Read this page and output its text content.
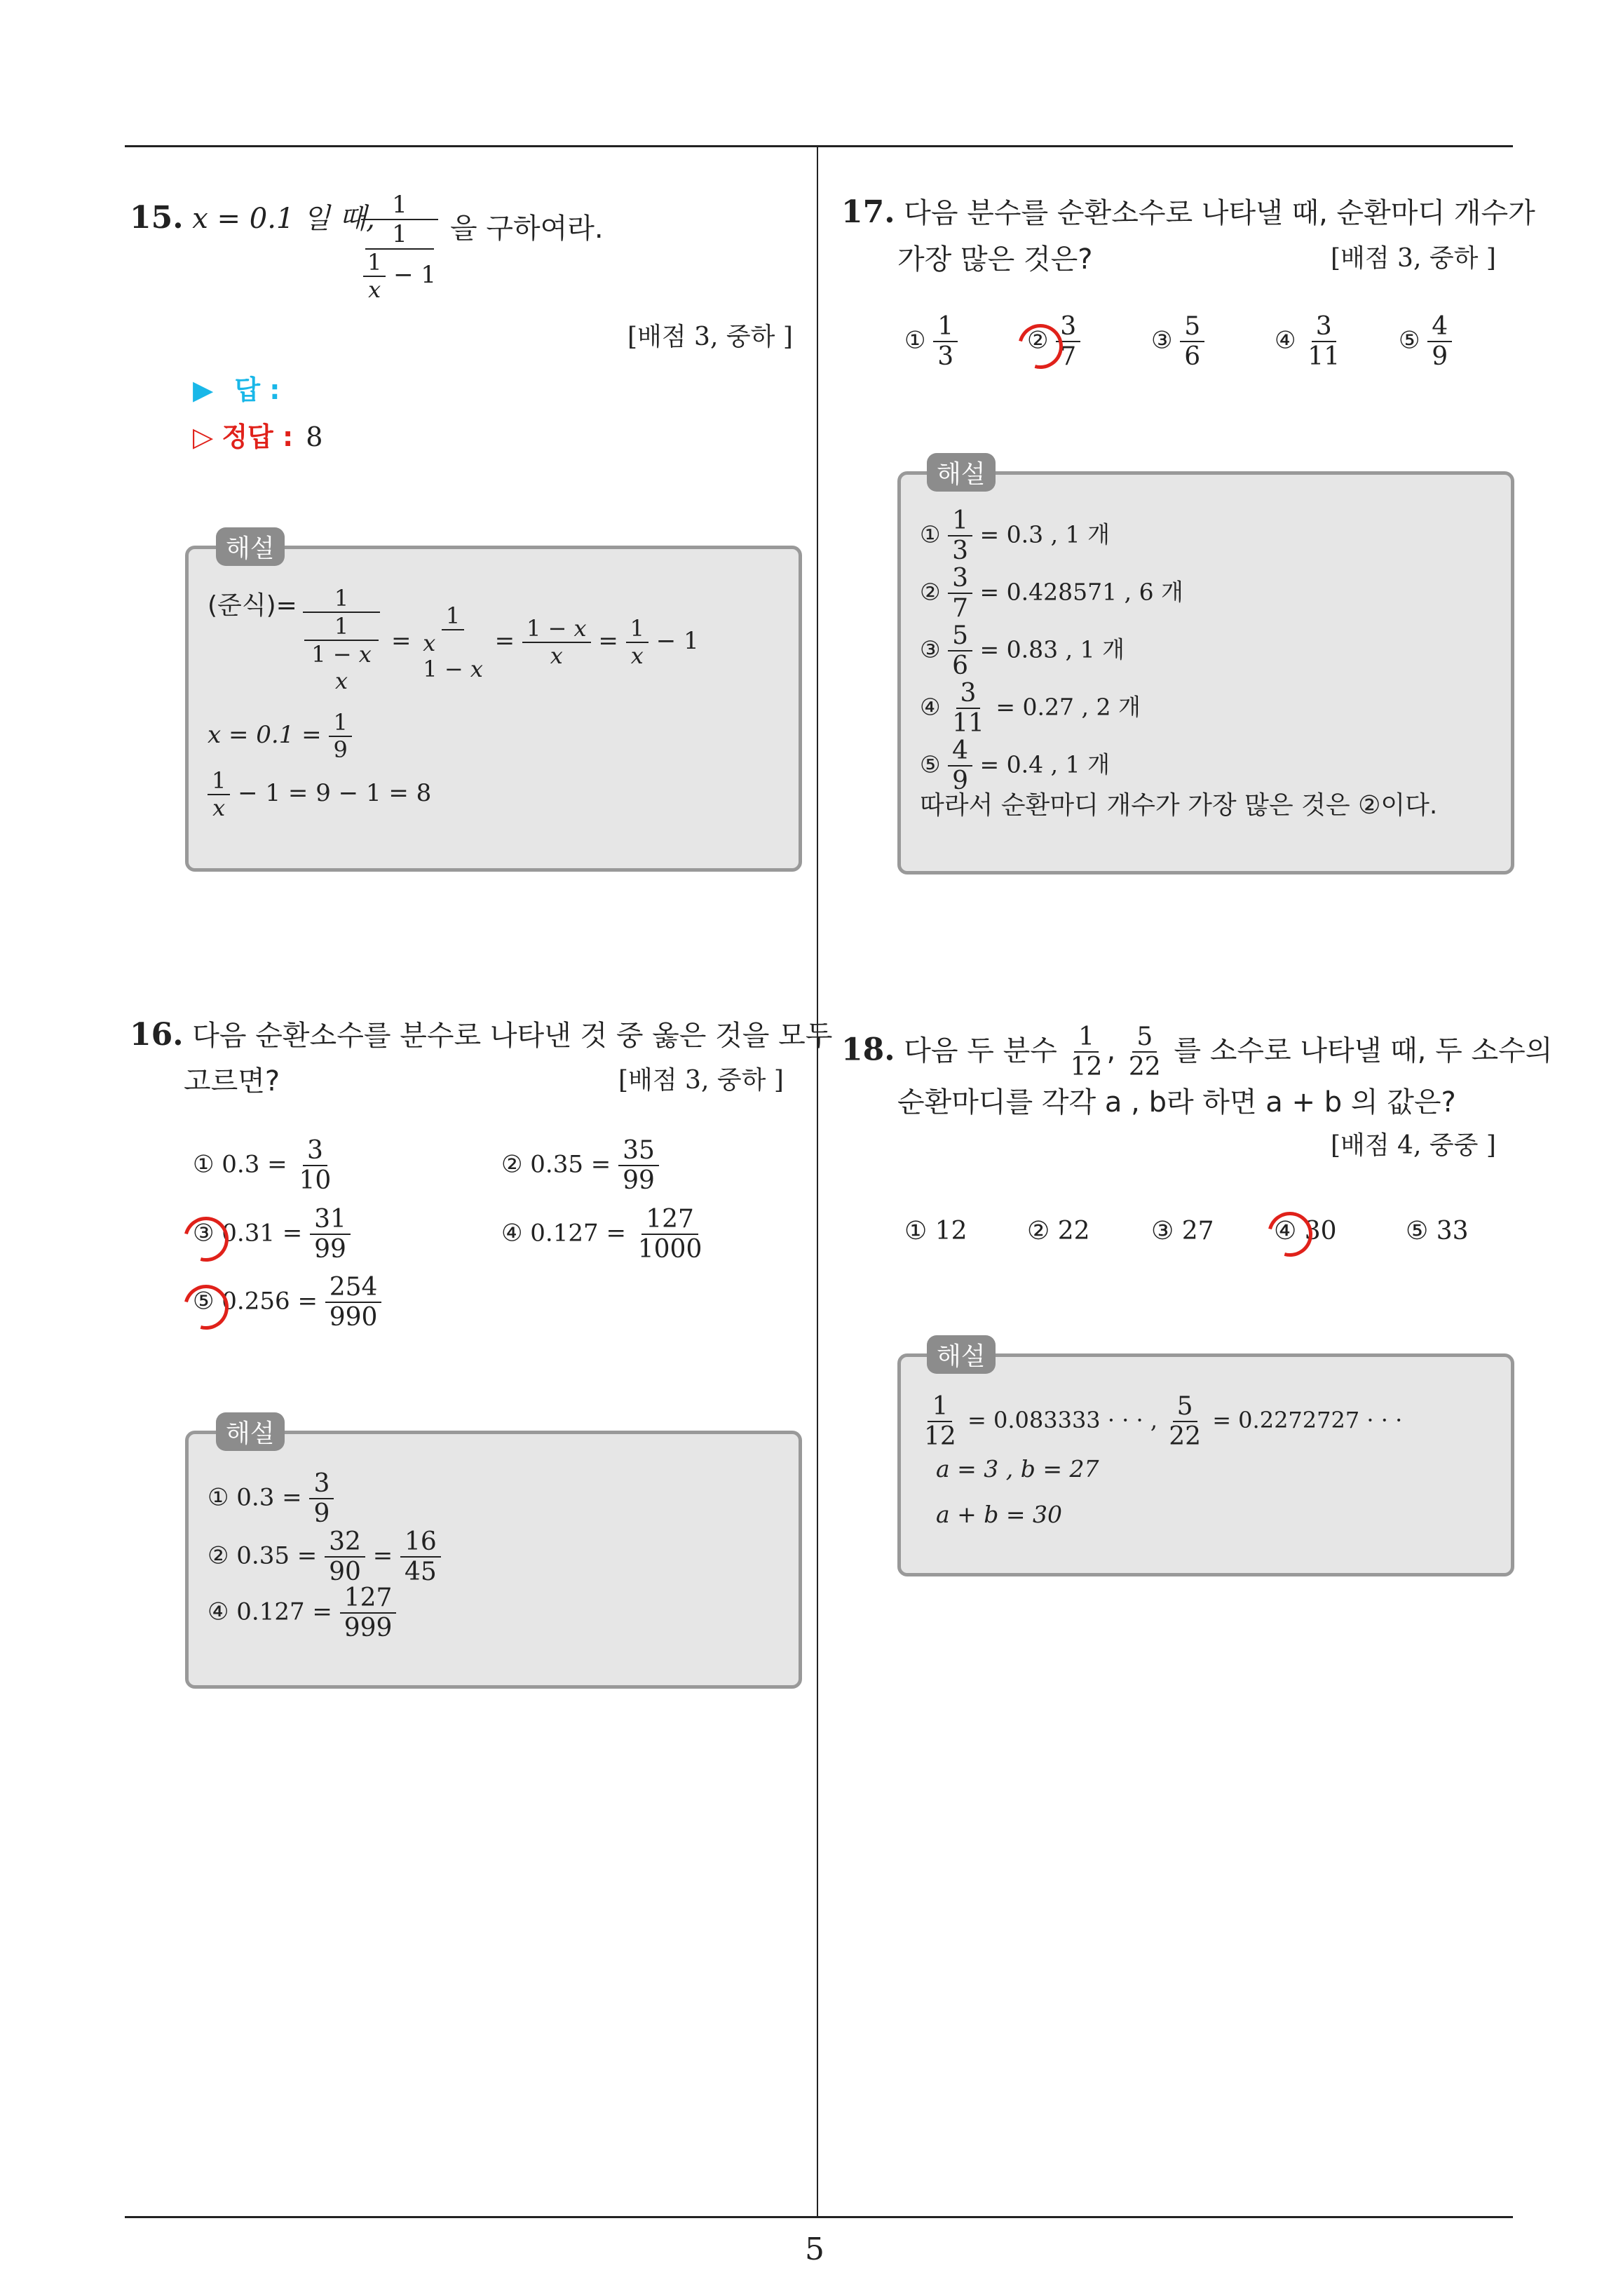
5
15. x = 0.1 일 때, 1
1
$\frac{1}{x} - 1$
을 구하여라.
[배점 3, 중하 ]
▶ 답 :
▷ 정답 : 8
해설
(준식)=	1
1
1 − x
x
=
1
x
1 − x
= $\frac{1 - x}{x} = \frac{1}{x} - 1$
$x = 0.1 = \frac{1}{9}$
$\frac{1}{x} - 1 = 9 - 1 = 8$
16. 다음 순환소수를 분수로 나타낸 것 중 옳은 것을 모두
고르면?	[배점 3, 중하 ]
① $0.3 = \frac{3}{10}$	② $0.35 = \frac{35}{99}$
③ $0.31 = \frac{31}{99}$	④ $0.127 = \frac{127}{1000}$
⑤ $0.256 = \frac{254}{990}$
해설
① $0.3 = \frac{3}{9}$
② $0.35 = \frac{32}{90} = \frac{16}{45}$
④ $0.127 = \frac{127}{999}$
17. 다음 분수를 순환소수로 나타낼 때, 순환마디 개수가
가장 많은 것은?	[배점 3, 중하 ]
① $\frac{1}{3}$	② $\frac{3}{7}$	③ $\frac{5}{6}$	④ $\frac{3}{11}$ ⑤ $\frac{4}{9}$
해설
① $\frac{1}{3} = 0.3$ , 1 개
② $\frac{3}{7} = 0.428571$ , 6 개
③ $\frac{5}{6} = 0.83$ , 1 개
④ $\frac{3}{11} = 0.27$ , 2 개
⑤ $\frac{4}{9} = 0.4$ , 1 개
따라서 순환마디 개수가 가장 많은 것은 ②이다.
18. 다음 두 분수 $\frac{1}{12}$ , $\frac{5}{22}$ 를 소수로 나타낼 때, 두 소수의
순환마디를 각각 a , b라 하면 a + b 의 값은?
[배점 4, 중중 ]
① 12 ② 22 ③ 27 ④ 30	⑤ 33
해설
$\frac{1}{12} = 0.083333$ · · · , $\frac{5}{22} = 0.2272727$ · · ·
a = 3 , b = 27
a + b = 30
